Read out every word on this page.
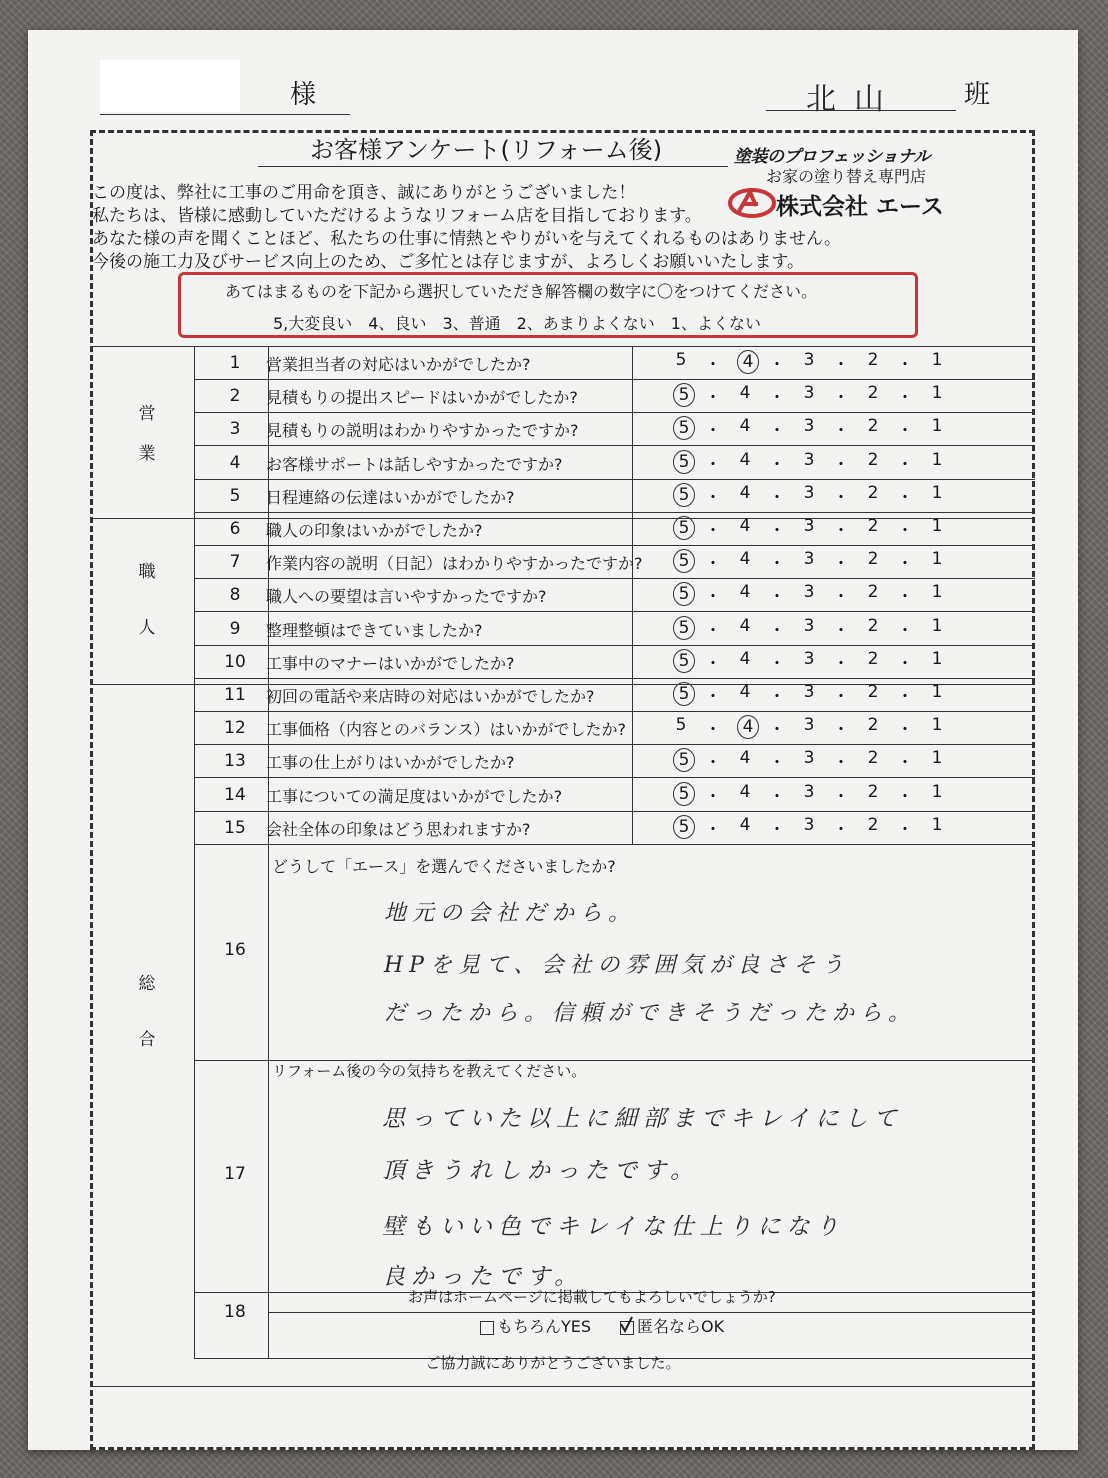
様	北山 班
お客様アンケート(リフォーム後)	塗装のプロフェッショナル
お家の塗り替え専門店
株式会社 エース
この度は、弊社に工事のご用命を頂き、誠にありがとうございました！
私たちは、皆様に感動していただけるようなリフォーム店を目指しております。
あなた様の声を聞くことほど、私たちの仕事に情熱とやりがいを与えてくれるものはありません。
今後の施工力及びサービス向上のため、ご多忙とは存じますが、よろしくお願いいたします。
あてはまるものを下記から選択していただき解答欄の数字に〇をつけてください。
5,大変良い　4、良い　3、普通　2、あまりよくない　1、よくない
営
業
職
人
総
合
1	営業担当者の対応はいかがでしたか?	5	・	4 ・	3	・	2	・	1
2	見積もりの提出スピードはいかがでしたか?	5 ・	4	・	3	・	2	・	1
3	見積もりの説明はわかりやすかったですか?	5 ・	4	・	3	・	2	・	1
4	お客様サポートは話しやすかったですか?	5 ・	4	・	3	・	2	・	1
5	日程連絡の伝達はいかがでしたか?	5 ・	4	・	3	・	2	・	1
6	職人の印象はいかがでしたか?	5 ・	4	・	3	・	2	・	1
7	作業内容の説明（日記）はわかりやすかったですか?	5 ・	4	・	3	・	2	・	1
8	職人への要望は言いやすかったですか?	5 ・	4	・	3	・	2	・	1
9	整理整頓はできていましたか?	5 ・	4	・	3	・	2	・	1
10	工事中のマナーはいかがでしたか?	5 ・	4	・	3	・	2	・	1
11	初回の電話や来店時の対応はいかがでしたか?	5 ・	4	・	3	・	2	・	1
12	工事価格（内容とのバランス）はいかがでしたか?	5	・	4 ・	3	・	2	・	1
13	工事の仕上がりはいかがでしたか?	5 ・	4	・	3	・	2	・	1
14	工事についての満足度はいかがでしたか?	5 ・	4	・	3	・	2	・	1
15	会社全体の印象はどう思われますか?	5 ・	4	・	3	・	2	・	1
16
どうして「エース」を選んでくださいましたか?
地元の会社だから。
HPを見て、会社の雰囲気が良さそう
だったから。信頼ができそうだったから。
17
リフォーム後の今の気持ちを教えてください。
思っていた以上に細部までキレイにして
頂きうれしかったです。
壁もいい色でキレイな仕上りになり
良かったです。
18
お声はホームページに掲載してもよろしいでしょうか?
もちろんYES	匿名ならOK
ご協力誠にありがとうございました。
